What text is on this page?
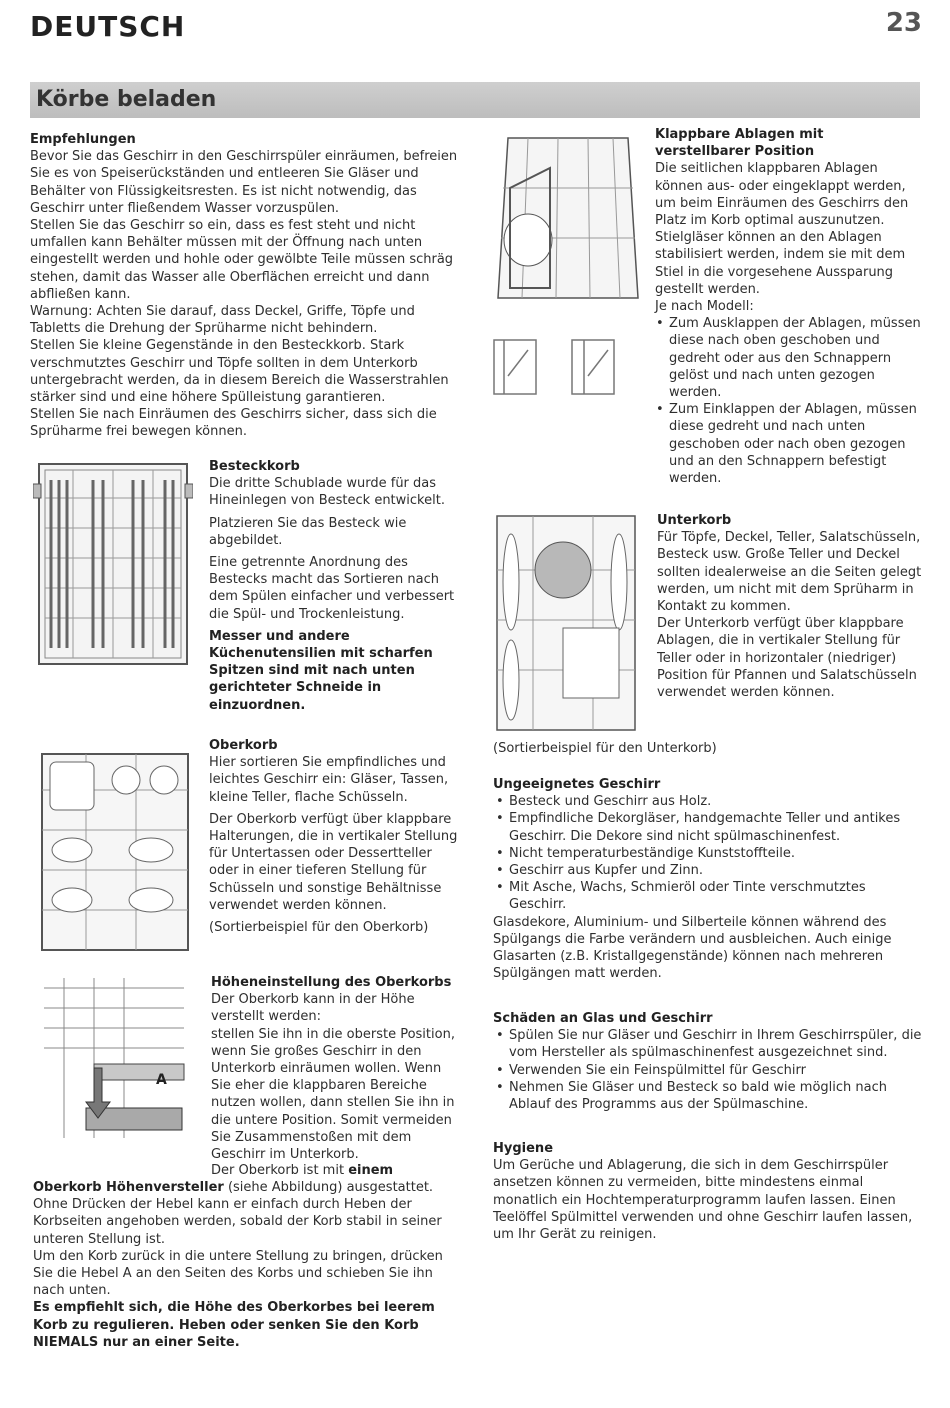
DEUTSCH	23
Körbe beladen

Empfehlungen

Bevor Sie das Geschirr in den Geschirrspüler einräumen, befreien Sie es von Speiserückständen und entleeren Sie Gläser und Behälter von Flüssigkeitsresten. Es ist nicht notwendig, das Geschirr unter fließendem Wasser vorzuspülen.
Stellen Sie das Geschirr so ein, dass es fest steht und nicht umfallen kann Behälter müssen mit der Öffnung nach unten eingestellt werden und hohle oder gewölbte Teile müssen schräg stehen, damit das Wasser alle Oberflächen erreicht und dann abfließen kann.
Warnung: Achten Sie darauf, dass Deckel, Griffe, Töpfe und Tabletts die Drehung der Sprüharme nicht behindern.
Stellen Sie kleine Gegenstände in den Besteckkorb. Stark verschmutztes Geschirr und Töpfe sollten in dem Unterkorb untergebracht werden, da in diesem Bereich die Wasserstrahlen stärker sind und eine höhere Spülleistung garantieren.
Stellen Sie nach Einräumen des Geschirrs sicher, dass sich die Sprüharme frei bewegen können.

Besteckkorb

Die dritte Schublade wurde für das Hineinlegen von Besteck entwickelt.

Platzieren Sie das Besteck wie abgebildet.

Eine getrennte Anordnung des Bestecks macht das Sortieren nach dem Spülen einfacher und verbessert die Spül- und Trockenleistung.

Messer und andere Küchenutensilien mit scharfen Spitzen sind mit nach unten gerichteter Schneide in einzuordnen.

Oberkorb

Hier sortieren Sie empfindliches und leichtes Geschirr ein: Gläser, Tassen, kleine Teller, flache Schüsseln.

Der Oberkorb verfügt über klappbare Halterungen, die in vertikaler Stellung für Untertassen oder Dessertteller oder in einer tieferen Stellung für Schüsseln und sonstige Behältnisse verwendet werden können.

(Sortierbeispiel für den Oberkorb)

A

Höheneinstellung des Oberkorbs

Der Oberkorb kann in der Höhe verstellt werden:
stellen Sie ihn in die oberste Position, wenn Sie großes Geschirr in den Unterkorb einräumen wollen. Wenn Sie eher die klappbaren Bereiche nutzen wollen, dann stellen Sie ihn in die untere Position. Somit vermeiden Sie Zusammenstoßen mit dem Geschirr im Unterkorb.

Der Oberkorb ist mit einem

Oberkorb Höhenversteller (siehe Abbildung) ausgestattet.

Ohne Drücken der Hebel kann er einfach durch Heben der Korbseiten angehoben werden, sobald der Korb stabil in seiner unteren Stellung ist.
Um den Korb zurück in die untere Stellung zu bringen, drücken Sie die Hebel A an den Seiten des Korbs und schieben Sie ihn nach unten.

Es empfiehlt sich, die Höhe des Oberkorbes bei leerem Korb zu regulieren. Heben oder senken Sie den Korb NIEMALS nur an einer Seite.

Klappbare Ablagen mit verstellbarer Position

Die seitlichen klappbaren Ablagen können aus- oder eingeklappt werden, um beim Einräumen des Geschirrs den Platz im Korb optimal auszunutzen. Stielgläser können an den Ablagen stabilisiert werden, indem sie mit dem Stiel in die vorgesehene Aussparung gestellt werden.
Je nach Modell:

• Zum Ausklappen der Ablagen, müssen diese nach oben geschoben und gedreht oder aus den Schnappern gelöst und nach unten gezogen werden.
• Zum Einklappen der Ablagen, müssen diese gedreht und nach unten geschoben oder nach oben gezogen und an den Schnappern befestigt werden.

Unterkorb

Für Töpfe, Deckel, Teller, Salatschüsseln, Besteck usw. Große Teller und Deckel sollten idealerweise an die Seiten gelegt werden, um nicht mit dem Sprüharm in Kontakt zu kommen.
Der Unterkorb verfügt über klappbare Ablagen, die in vertikaler Stellung für Teller oder in horizontaler (niedriger) Position für Pfannen und Salatschüsseln verwendet werden können.

(Sortierbeispiel für den Unterkorb)

Ungeeignetes Geschirr

• Besteck und Geschirr aus Holz.
• Empfindliche Dekorgläser, handgemachte Teller und antikes Geschirr. Die Dekore sind nicht spülmaschinenfest.
• Nicht temperaturbeständige Kunststoffteile.
• Geschirr aus Kupfer und Zinn.
• Mit Asche, Wachs, Schmieröl oder Tinte verschmutztes Geschirr.

Glasdekore, Aluminium- und Silberteile können während des Spülgangs die Farbe verändern und ausbleichen. Auch einige Glasarten (z.B. Kristallgegenstände) können nach mehreren Spülgängen matt werden.

Schäden an Glas und Geschirr

• Spülen Sie nur Gläser und Geschirr in Ihrem Geschirrspüler, die vom Hersteller als spülmaschinenfest ausgezeichnet sind.
• Verwenden Sie ein Feinspülmittel für Geschirr
• Nehmen Sie Gläser und Besteck so bald wie möglich nach Ablauf des Programms aus der Spülmaschine.

Hygiene

Um Gerüche und Ablagerung, die sich in dem Geschirrspüler ansetzen können zu vermeiden, bitte mindestens einmal monatlich ein Hochtemperaturprogramm laufen lassen. Einen Teelöffel Spülmittel verwenden und ohne Geschirr laufen lassen, um Ihr Gerät zu reinigen.
